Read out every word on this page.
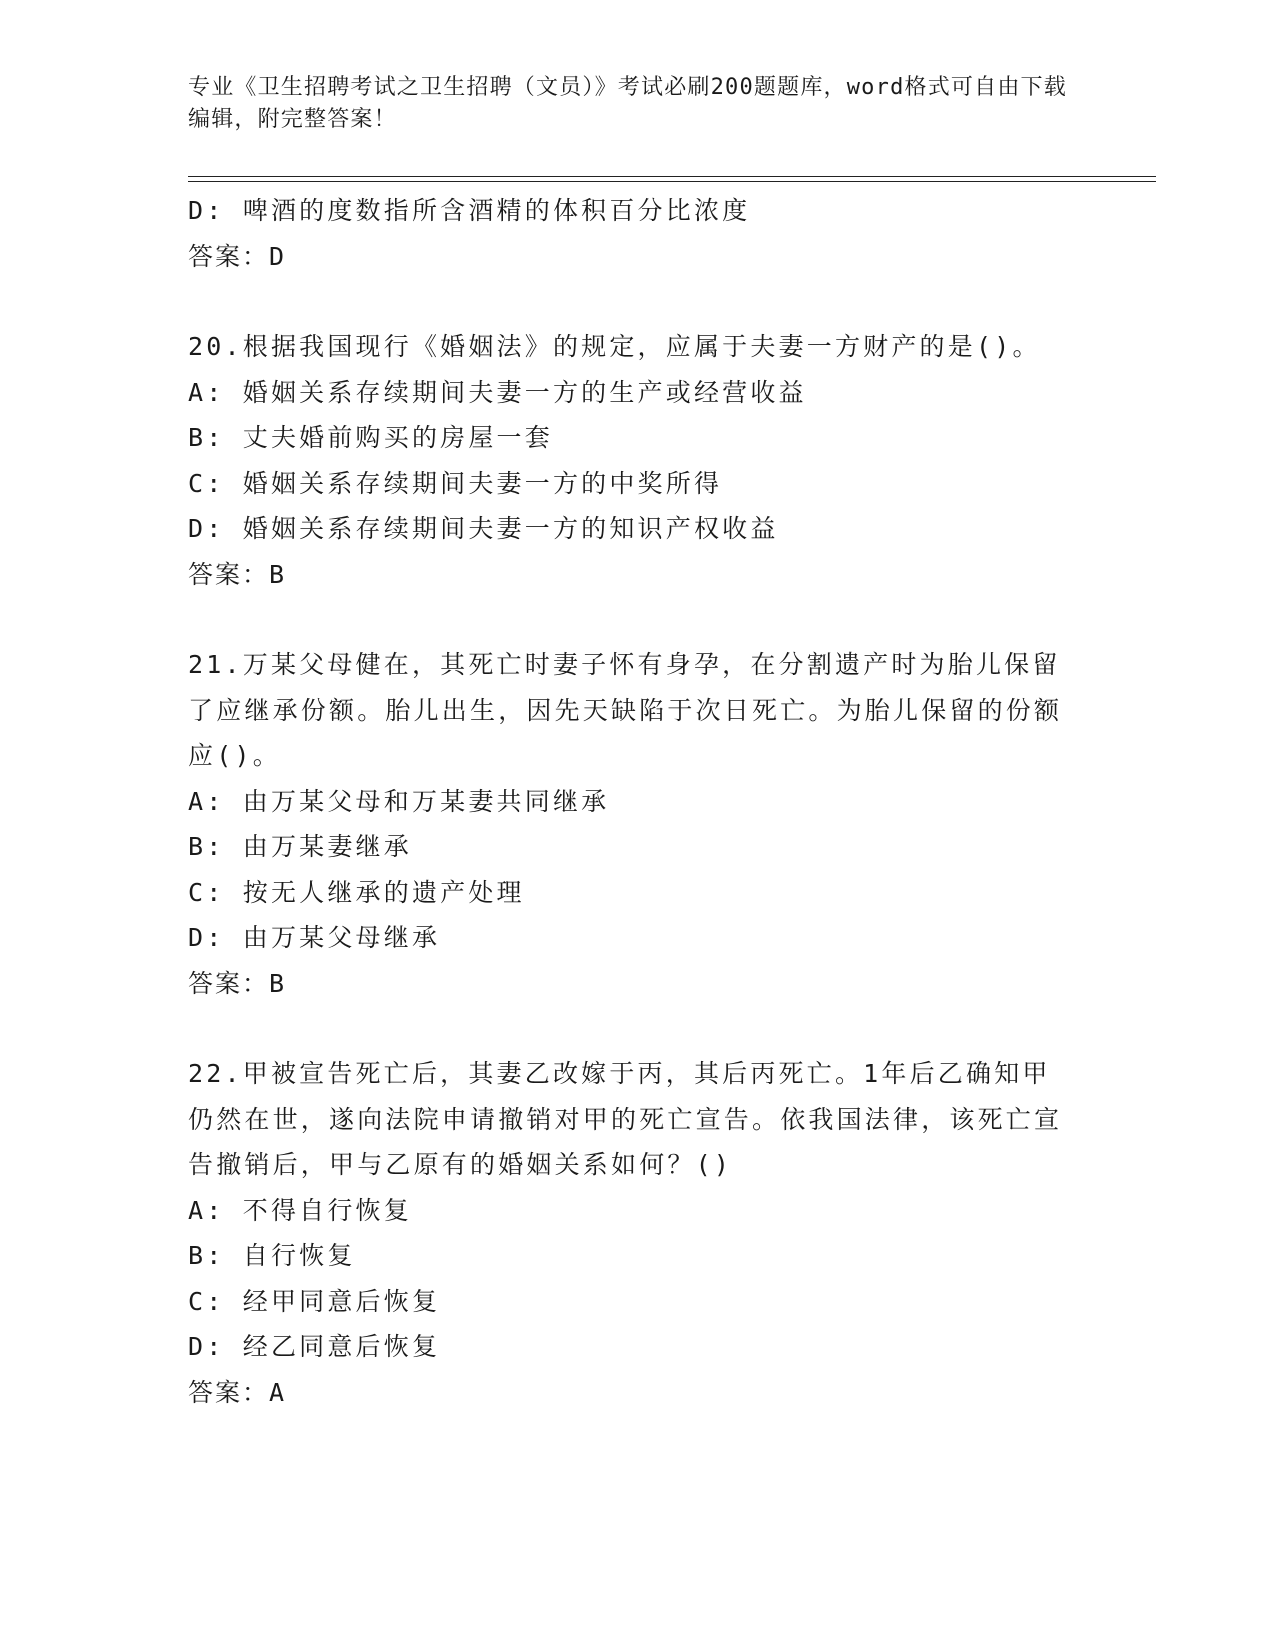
专业《卫生招聘考试之卫生招聘（文员）》考试必刷200题题库，word格式可自由下载编辑，附完整答案！
D: 啤酒的度数指所含酒精的体积百分比浓度
答案：D
20.根据我国现行《婚姻法》的规定，应属于夫妻一方财产的是()。
A: 婚姻关系存续期间夫妻一方的生产或经营收益
B: 丈夫婚前购买的房屋一套
C: 婚姻关系存续期间夫妻一方的中奖所得
D: 婚姻关系存续期间夫妻一方的知识产权收益
答案：B
21.万某父母健在，其死亡时妻子怀有身孕，在分割遗产时为胎儿保留了应继承份额。胎儿出生，因先天缺陷于次日死亡。为胎儿保留的份额应()。
A: 由万某父母和万某妻共同继承
B: 由万某妻继承
C: 按无人继承的遗产处理
D: 由万某父母继承
答案：B
22.甲被宣告死亡后，其妻乙改嫁于丙，其后丙死亡。1年后乙确知甲仍然在世，遂向法院申请撤销对甲的死亡宣告。依我国法律，该死亡宣告撤销后，甲与乙原有的婚姻关系如何？()
A: 不得自行恢复
B: 自行恢复
C: 经甲同意后恢复
D: 经乙同意后恢复
答案：A
